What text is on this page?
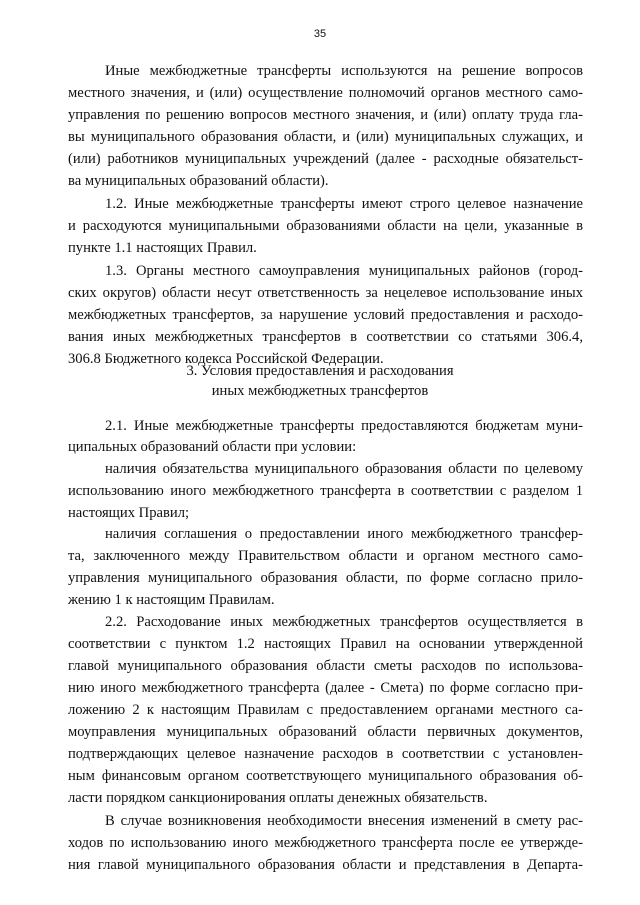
35
Иные межбюджетные трансферты используются на решение вопросов
местного значения, и (или) осуществление полномочий органов местного само-
управления по решению вопросов местного значения, и (или) оплату труда гла-
вы муниципального образования области, и (или) муниципальных служащих, и
(или) работников муниципальных учреждений (далее - расходные обязательст-
ва муниципальных образований области).
1.2. Иные межбюджетные трансферты имеют строго целевое назначение
и расходуются муниципальными образованиями области на цели, указанные в
пункте 1.1 настоящих Правил.
1.3. Органы местного самоуправления муниципальных районов (город-
ских округов) области несут ответственность за нецелевое использование иных
межбюджетных трансфертов, за нарушение условий предоставления и расходо-
вания иных межбюджетных трансфертов в соответствии со статьями 306.4,
306.8 Бюджетного кодекса Российской Федерации.
3. Условия предоставления и расходования
иных межбюджетных трансфертов
2.1. Иные межбюджетные трансферты предоставляются бюджетам муни-
ципальных образований области при условии:
наличия обязательства муниципального образования области по целевому
использованию иного межбюджетного трансферта в соответствии с разделом 1
настоящих Правил;
наличия соглашения о предоставлении иного межбюджетного трансфер-
та, заключенного между Правительством области и органом местного само-
управления муниципального образования области, по форме согласно прило-
жению 1 к настоящим Правилам.
2.2. Расходование иных межбюджетных трансфертов осуществляется в
соответствии с пунктом 1.2 настоящих Правил на основании утвержденной
главой муниципального образования области сметы расходов по использова-
нию иного межбюджетного трансферта (далее - Смета) по форме согласно при-
ложению 2 к настоящим Правилам с предоставлением органами местного са-
моуправления муниципальных образований области первичных документов,
подтверждающих целевое назначение расходов в соответствии с установлен-
ным финансовым органом соответствующего муниципального образования об-
ласти порядком санкционирования оплаты денежных обязательств.
В случае возникновения необходимости внесения изменений в смету рас-
ходов по использованию иного межбюджетного трансферта после ее утвержде-
ния главой муниципального образования области и представления в Департа-
